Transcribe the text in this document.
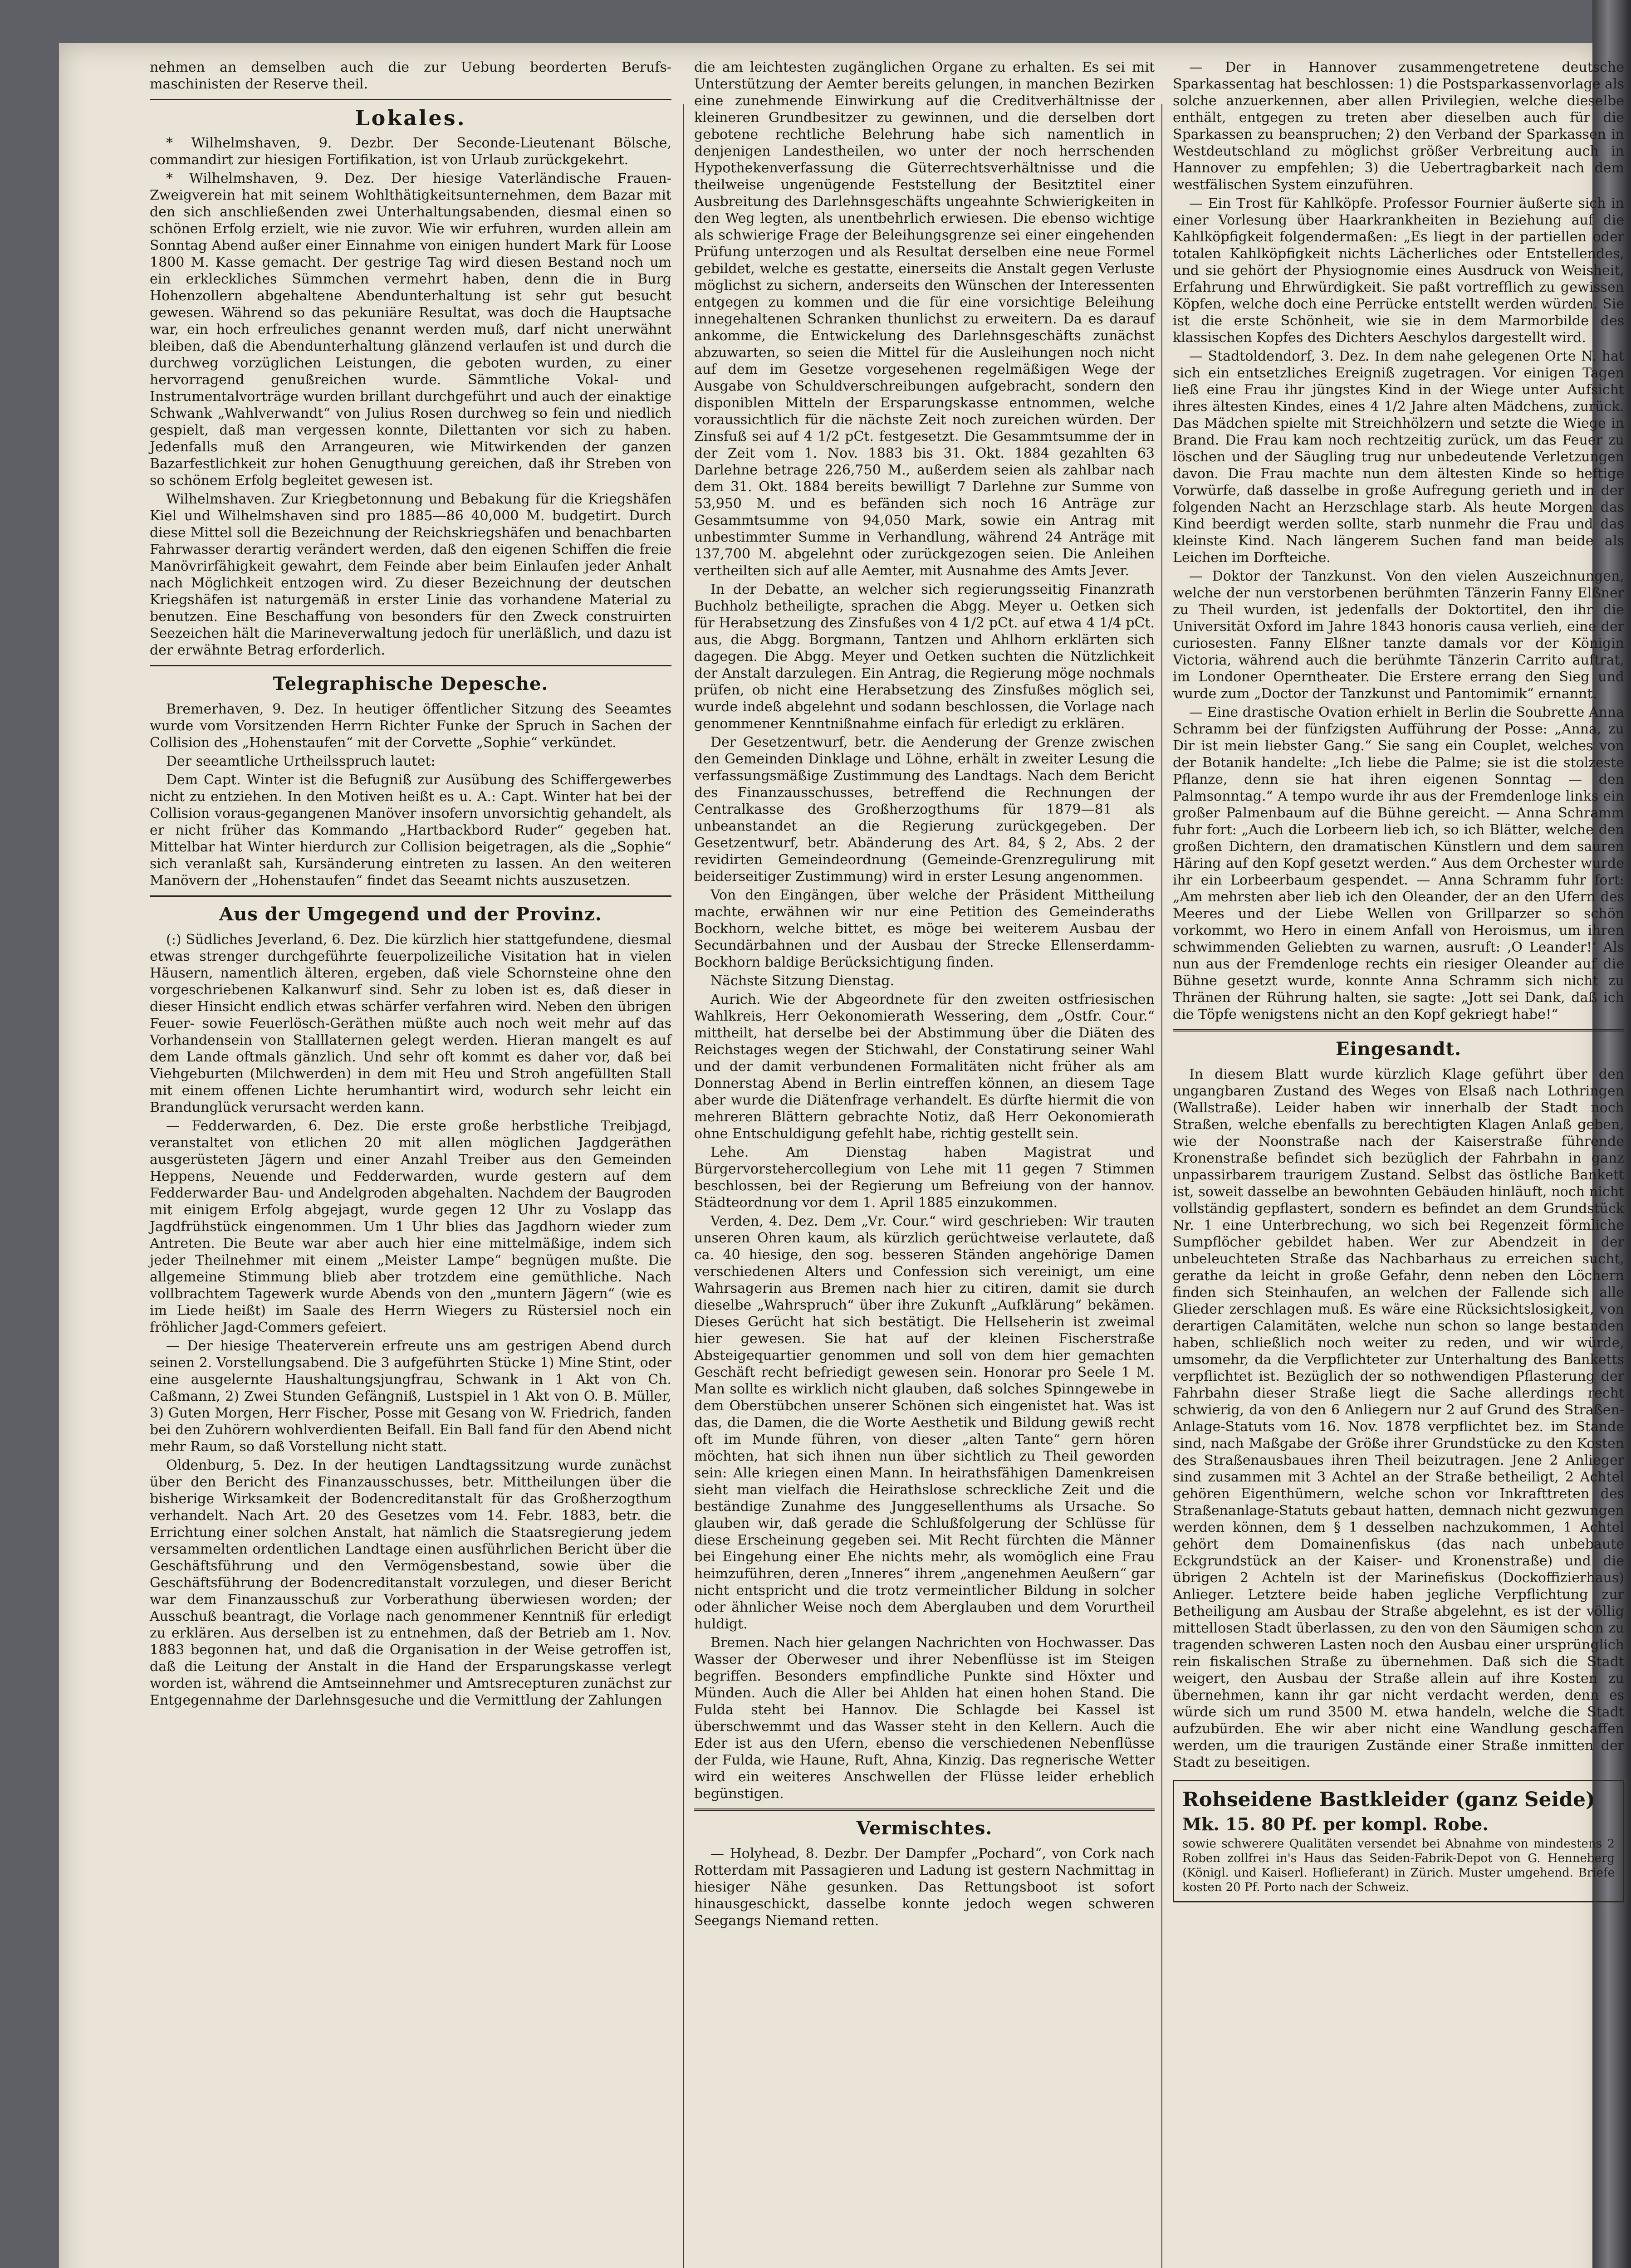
nehmen an demselben auch die zur Uebung beorderten Berufs-maschinisten der Reserve theil.

Lokales.

* Wilhelmshaven, 9. Dezbr. Der Seconde-Lieutenant Bölsche, commandirt zur hiesigen Fortifikation, ist von Urlaub zurückgekehrt.

* Wilhelmshaven, 9. Dez. Der hiesige Vaterländische Frauen-Zweigverein hat mit seinem Wohlthätigkeitsunternehmen, dem Bazar mit den sich anschließenden zwei Unterhaltungsabenden, diesmal einen so schönen Erfolg erzielt, wie nie zuvor. Wie wir erfuhren, wurden allein am Sonntag Abend außer einer Einnahme von einigen hundert Mark für Loose 1800 M. Kasse gemacht. Der gestrige Tag wird diesen Bestand noch um ein erkleckliches Sümmchen vermehrt haben, denn die in Burg Hohenzollern abgehaltene Abendunterhaltung ist sehr gut besucht gewesen. Während so das pekuniäre Resultat, was doch die Hauptsache war, ein hoch erfreuliches genannt werden muß, darf nicht unerwähnt bleiben, daß die Abendunterhaltung glänzend verlaufen ist und durch die durchweg vorzüglichen Leistungen, die geboten wurden, zu einer hervorragend genußreichen wurde. Sämmtliche Vokal- und Instrumentalvorträge wurden brillant durchgeführt und auch der einaktige Schwank „Wahlverwandt“ von Julius Rosen durchweg so fein und niedlich gespielt, daß man vergessen konnte, Dilettanten vor sich zu haben. Jedenfalls muß den Arrangeuren, wie Mitwirkenden der ganzen Bazarfestlichkeit zur hohen Genugthuung gereichen, daß ihr Streben von so schönem Erfolg begleitet gewesen ist.

Wilhelmshaven. Zur Kriegbetonnung und Bebakung für die Kriegshäfen Kiel und Wilhelmshaven sind pro 1885—86 40,000 M. budgetirt. Durch diese Mittel soll die Bezeichnung der Reichskriegshäfen und benachbarten Fahrwasser derartig verändert werden, daß den eigenen Schiffen die freie Manövrirfähigkeit gewahrt, dem Feinde aber beim Einlaufen jeder Anhalt nach Möglichkeit entzogen wird. Zu dieser Bezeichnung der deutschen Kriegshäfen ist naturgemäß in erster Linie das vorhandene Material zu benutzen. Eine Beschaffung von besonders für den Zweck construirten Seezeichen hält die Marineverwaltung jedoch für unerläßlich, und dazu ist der erwähnte Betrag erforderlich.

Telegraphische Depesche.

Bremerhaven, 9. Dez. In heutiger öffentlicher Sitzung des Seeamtes wurde vom Vorsitzenden Herrn Richter Funke der Spruch in Sachen der Collision des „Hohenstaufen“ mit der Corvette „Sophie“ verkündet.

Der seeamtliche Urtheilsspruch lautet:

Dem Capt. Winter ist die Befugniß zur Ausübung des Schiffergewerbes nicht zu entziehen. In den Motiven heißt es u. A.: Capt. Winter hat bei der Collision voraus-gegangenen Manöver insofern unvorsichtig gehandelt, als er nicht früher das Kommando „Hartbackbord Ruder“ gegeben hat. Mittelbar hat Winter hierdurch zur Collision beigetragen, als die „Sophie“ sich veranlaßt sah, Kursänderung eintreten zu lassen. An den weiteren Manövern der „Hohenstaufen“ findet das Seeamt nichts auszusetzen.

Aus der Umgegend und der Provinz.

(:) Südliches Jeverland, 6. Dez. Die kürzlich hier stattgefundene, diesmal etwas strenger durchgeführte feuerpolizeiliche Visitation hat in vielen Häusern, namentlich älteren, ergeben, daß viele Schornsteine ohne den vorgeschriebenen Kalkanwurf sind. Sehr zu loben ist es, daß dieser in dieser Hinsicht endlich etwas schärfer verfahren wird. Neben den übrigen Feuer- sowie Feuerlösch-Geräthen müßte auch noch weit mehr auf das Vorhandensein von Stalllaternen gelegt werden. Hieran mangelt es auf dem Lande oftmals gänzlich. Und sehr oft kommt es daher vor, daß bei Viehgeburten (Milchwerden) in dem mit Heu und Stroh angefüllten Stall mit einem offenen Lichte herumhantirt wird, wodurch sehr leicht ein Brandunglück verursacht werden kann.

— Fedderwarden, 6. Dez. Die erste große herbstliche Treibjagd, veranstaltet von etlichen 20 mit allen möglichen Jagdgeräthen ausgerüsteten Jägern und einer Anzahl Treiber aus den Gemeinden Heppens, Neuende und Fedderwarden, wurde gestern auf dem Fedderwarder Bau- und Andelgroden abgehalten. Nachdem der Baugroden mit einigem Erfolg abgejagt, wurde gegen 12 Uhr zu Voslapp das Jagdfrühstück eingenommen. Um 1 Uhr blies das Jagdhorn wieder zum Antreten. Die Beute war aber auch hier eine mittelmäßige, indem sich jeder Theilnehmer mit einem „Meister Lampe“ begnügen mußte. Die allgemeine Stimmung blieb aber trotzdem eine gemüthliche. Nach vollbrachtem Tagewerk wurde Abends von den „muntern Jägern“ (wie es im Liede heißt) im Saale des Herrn Wiegers zu Rüstersiel noch ein fröhlicher Jagd-Commers gefeiert.

— Der hiesige Theaterverein erfreute uns am gestrigen Abend durch seinen 2. Vorstellungsabend. Die 3 aufgeführten Stücke 1) Mine Stint, oder eine ausgelernte Haushaltungsjungfrau, Schwank in 1 Akt von Ch. Caßmann, 2) Zwei Stunden Gefängniß, Lustspiel in 1 Akt von O. B. Müller, 3) Guten Morgen, Herr Fischer, Posse mit Gesang von W. Friedrich, fanden bei den Zuhörern wohlverdienten Beifall. Ein Ball fand für den Abend nicht mehr Raum, so daß Vorstellung nicht statt.

Oldenburg, 5. Dez. In der heutigen Landtagssitzung wurde zunächst über den Bericht des Finanzausschusses, betr. Mittheilungen über die bisherige Wirksamkeit der Bodencreditanstalt für das Großherzogthum verhandelt. Nach Art. 20 des Gesetzes vom 14. Febr. 1883, betr. die Errichtung einer solchen Anstalt, hat nämlich die Staatsregierung jedem versammelten ordentlichen Landtage einen ausführlichen Bericht über die Geschäftsführung und den Vermögensbestand, sowie über die Geschäftsführung der Bodencreditanstalt vorzulegen, und dieser Bericht war dem Finanzausschuß zur Vorberathung überwiesen worden; der Ausschuß beantragt, die Vorlage nach genommener Kenntniß für erledigt zu erklären. Aus derselben ist zu entnehmen, daß der Betrieb am 1. Nov. 1883 begonnen hat, und daß die Organisation in der Weise getroffen ist, daß die Leitung der Anstalt in die Hand der Ersparungskasse verlegt worden ist, während die Amtseinnehmer und Amtsrecepturen zunächst zur Entgegennahme der Darlehnsgesuche und die Vermittlung der Zahlungen

die am leichtesten zugänglichen Organe zu erhalten. Es sei mit Unterstützung der Aemter bereits gelungen, in manchen Bezirken eine zunehmende Einwirkung auf die Creditverhältnisse der kleineren Grundbesitzer zu gewinnen, und die derselben dort gebotene rechtliche Belehrung habe sich namentlich in denjenigen Landestheilen, wo unter der noch herrschenden Hypothekenverfassung die Güterrechtsverhältnisse und die theilweise ungenügende Feststellung der Besitztitel einer Ausbreitung des Darlehnsgeschäfts ungeahnte Schwierigkeiten in den Weg legten, als unentbehrlich erwiesen. Die ebenso wichtige als schwierige Frage der Beleihungsgrenze sei einer eingehenden Prüfung unterzogen und als Resultat derselben eine neue Formel gebildet, welche es gestatte, einerseits die Anstalt gegen Verluste möglichst zu sichern, anderseits den Wünschen der Interessenten entgegen zu kommen und die für eine vorsichtige Beleihung innegehaltenen Schranken thunlichst zu erweitern. Da es darauf ankomme, die Entwickelung des Darlehnsgeschäfts zunächst abzuwarten, so seien die Mittel für die Ausleihungen noch nicht auf dem im Gesetze vorgesehenen regelmäßigen Wege der Ausgabe von Schuldverschreibungen aufgebracht, sondern den disponiblen Mitteln der Ersparungskasse entnommen, welche voraussichtlich für die nächste Zeit noch zureichen würden. Der Zinsfuß sei auf 4 1/2 pCt. festgesetzt. Die Gesammtsumme der in der Zeit vom 1. Nov. 1883 bis 31. Okt. 1884 gezahlten 63 Darlehne betrage 226,750 M., außerdem seien als zahlbar nach dem 31. Okt. 1884 bereits bewilligt 7 Darlehne zur Summe von 53,950 M. und es befänden sich noch 16 Anträge zur Gesammtsumme von 94,050 Mark, sowie ein Antrag mit unbestimmter Summe in Verhandlung, während 24 Anträge mit 137,700 M. abgelehnt oder zurückgezogen seien. Die Anleihen vertheilten sich auf alle Aemter, mit Ausnahme des Amts Jever.

In der Debatte, an welcher sich regierungsseitig Finanzrath Buchholz betheiligte, sprachen die Abgg. Meyer u. Oetken sich für Herabsetzung des Zinsfußes von 4 1/2 pCt. auf etwa 4 1/4 pCt. aus, die Abgg. Borgmann, Tantzen und Ahlhorn erklärten sich dagegen. Die Abgg. Meyer und Oetken suchten die Nützlichkeit der Anstalt darzulegen. Ein Antrag, die Regierung möge nochmals prüfen, ob nicht eine Herabsetzung des Zinsfußes möglich sei, wurde indeß abgelehnt und sodann beschlossen, die Vorlage nach genommener Kenntnißnahme einfach für erledigt zu erklären.

Der Gesetzentwurf, betr. die Aenderung der Grenze zwischen den Gemeinden Dinklage und Löhne, erhält in zweiter Lesung die verfassungsmäßige Zustimmung des Landtags. Nach dem Bericht des Finanzausschusses, betreffend die Rechnungen der Centralkasse des Großherzogthums für 1879—81 als unbeanstandet an die Regierung zurückgegeben. Der Gesetzentwurf, betr. Abänderung des Art. 84, § 2, Abs. 2 der revidirten Gemeindeordnung (Gemeinde-Grenzregulirung mit beiderseitiger Zustimmung) wird in erster Lesung angenommen.

Von den Eingängen, über welche der Präsident Mittheilung machte, erwähnen wir nur eine Petition des Gemeinderaths Bockhorn, welche bittet, es möge bei weiterem Ausbau der Secundärbahnen und der Ausbau der Strecke Ellenserdamm-Bockhorn baldige Berücksichtigung finden.

Nächste Sitzung Dienstag.

Aurich. Wie der Abgeordnete für den zweiten ostfriesischen Wahlkreis, Herr Oekonomierath Wessering, dem „Ostfr. Cour.“ mittheilt, hat derselbe bei der Abstimmung über die Diäten des Reichstages wegen der Stichwahl, der Constatirung seiner Wahl und der damit verbundenen Formalitäten nicht früher als am Donnerstag Abend in Berlin eintreffen können, an diesem Tage aber wurde die Diätenfrage verhandelt. Es dürfte hiermit die von mehreren Blättern gebrachte Notiz, daß Herr Oekonomierath ohne Entschuldigung gefehlt habe, richtig gestellt sein.

Lehe. Am Dienstag haben Magistrat und Bürgervorstehercollegium von Lehe mit 11 gegen 7 Stimmen beschlossen, bei der Regierung um Befreiung von der hannov. Städteordnung vor dem 1. April 1885 einzukommen.

Verden, 4. Dez. Dem „Vr. Cour.“ wird geschrieben: Wir trauten unseren Ohren kaum, als kürzlich gerüchtweise verlautete, daß ca. 40 hiesige, den sog. besseren Ständen angehörige Damen verschiedenen Alters und Confession sich vereinigt, um eine Wahrsagerin aus Bremen nach hier zu citiren, damit sie durch dieselbe „Wahrspruch“ über ihre Zukunft „Aufklärung“ bekämen. Dieses Gerücht hat sich bestätigt. Die Hellseherin ist zweimal hier gewesen. Sie hat auf der kleinen Fischerstraße Absteigequartier genommen und soll von dem hier gemachten Geschäft recht befriedigt gewesen sein. Honorar pro Seele 1 M. Man sollte es wirklich nicht glauben, daß solches Spinngewebe in dem Oberstübchen unserer Schönen sich eingenistet hat. Was ist das, die Damen, die die Worte Aesthetik und Bildung gewiß recht oft im Munde führen, von dieser „alten Tante“ gern hören möchten, hat sich ihnen nun über sichtlich zu Theil geworden sein: Alle kriegen einen Mann. In heirathsfähigen Damenkreisen sieht man vielfach die Heirathslose schreckliche Zeit und die beständige Zunahme des Junggesellenthums als Ursache. So glauben wir, daß gerade die Schlußfolgerung der Schlüsse für diese Erscheinung gegeben sei. Mit Recht fürchten die Männer bei Eingehung einer Ehe nichts mehr, als womöglich eine Frau heimzuführen, deren „Inneres“ ihrem „angenehmen Aeußern“ gar nicht entspricht und die trotz vermeintlicher Bildung in solcher oder ähnlicher Weise noch dem Aberglauben und dem Vorurtheil huldigt.

Bremen. Nach hier gelangen Nachrichten von Hochwasser. Das Wasser der Oberweser und ihrer Nebenflüsse ist im Steigen begriffen. Besonders empfindliche Punkte sind Höxter und Münden. Auch die Aller bei Ahlden hat einen hohen Stand. Die Fulda steht bei Hannov. Die Schlagde bei Kassel ist überschwemmt und das Wasser steht in den Kellern. Auch die Eder ist aus den Ufern, ebenso die verschiedenen Nebenflüsse der Fulda, wie Haune, Ruft, Ahna, Kinzig. Das regnerische Wetter wird ein weiteres Anschwellen der Flüsse leider erheblich begünstigen.

Vermischtes.

— Holyhead, 8. Dezbr. Der Dampfer „Pochard“, von Cork nach Rotterdam mit Passagieren und Ladung ist gestern Nachmittag in hiesiger Nähe gesunken. Das Rettungsboot ist sofort hinausgeschickt, dasselbe konnte jedoch wegen schweren Seegangs Niemand retten.

— Der in Hannover zusammengetretene deutsche Sparkassentag hat beschlossen: 1) die Postsparkassenvorlage als solche anzuerkennen, aber allen Privilegien, welche dieselbe enthält, entgegen zu treten aber dieselben auch für die Sparkassen zu beanspruchen; 2) den Verband der Sparkassen in Westdeutschland zu möglichst größer Verbreitung auch in Hannover zu empfehlen; 3) die Uebertragbarkeit nach dem westfälischen System einzuführen.

— Ein Trost für Kahlköpfe. Professor Fournier äußerte sich in einer Vorlesung über Haarkrankheiten in Beziehung auf die Kahlköpfigkeit folgendermaßen: „Es liegt in der partiellen oder totalen Kahlköpfigkeit nichts Lächerliches oder Entstellendes, und sie gehört der Physiognomie eines Ausdruck von Weisheit, Erfahrung und Ehrwürdigkeit. Sie paßt vortrefflich zu gewissen Köpfen, welche doch eine Perrücke entstellt werden würden. Sie ist die erste Schönheit, wie sie in dem Marmorbilde des klassischen Kopfes des Dichters Aeschylos dargestellt wird.

— Stadtoldendorf, 3. Dez. In dem nahe gelegenen Orte N. hat sich ein entsetzliches Ereigniß zugetragen. Vor einigen Tagen ließ eine Frau ihr jüngstes Kind in der Wiege unter Aufsicht ihres ältesten Kindes, eines 4 1/2 Jahre alten Mädchens, zurück. Das Mädchen spielte mit Streichhölzern und setzte die Wiege in Brand. Die Frau kam noch rechtzeitig zurück, um das Feuer zu löschen und der Säugling trug nur unbedeutende Verletzungen davon. Die Frau machte nun dem ältesten Kinde so heftige Vorwürfe, daß dasselbe in große Aufregung gerieth und in der folgenden Nacht an Herzschlage starb. Als heute Morgen das Kind beerdigt werden sollte, starb nunmehr die Frau und das kleinste Kind. Nach längerem Suchen fand man beide als Leichen im Dorfteiche.

— Doktor der Tanzkunst. Von den vielen Auszeichnungen, welche der nun verstorbenen berühmten Tänzerin Fanny Elßner zu Theil wurden, ist jedenfalls der Doktortitel, den ihr die Universität Oxford im Jahre 1843 honoris causa verlieh, eine der curiosesten. Fanny Elßner tanzte damals vor der Königin Victoria, während auch die berühmte Tänzerin Carrito auftrat, im Londoner Operntheater. Die Erstere errang den Sieg und wurde zum „Doctor der Tanzkunst und Pantomimik“ ernannt.

— Eine drastische Ovation erhielt in Berlin die Soubrette Anna Schramm bei der fünfzigsten Aufführung der Posse: „Anna, zu Dir ist mein liebster Gang.“ Sie sang ein Couplet, welches von der Botanik handelte: „Ich liebe die Palme; sie ist die stolzeste Pflanze, denn sie hat ihren eigenen Sonntag — den Palmsonntag.“ A tempo wurde ihr aus der Fremdenloge links ein großer Palmenbaum auf die Bühne gereicht. — Anna Schramm fuhr fort: „Auch die Lorbeern lieb ich, so ich Blätter, welche den großen Dichtern, den dramatischen Künstlern und dem sauren Häring auf den Kopf gesetzt werden.“ Aus dem Orchester wurde ihr ein Lorbeerbaum gespendet. — Anna Schramm fuhr fort: „Am mehrsten aber lieb ich den Oleander, der an den Ufern des Meeres und der Liebe Wellen von Grillparzer so schön vorkommt, wo Hero in einem Anfall von Heroismus, um ihren schwimmenden Geliebten zu warnen, ausruft: ‚O Leander!‘ Als nun aus der Fremdenloge rechts ein riesiger Oleander auf die Bühne gesetzt wurde, konnte Anna Schramm sich nicht zu Thränen der Rührung halten, sie sagte: „Jott sei Dank, daß ich die Töpfe wenigstens nicht an den Kopf gekriegt habe!“

Eingesandt.

In diesem Blatt wurde kürzlich Klage geführt über den ungangbaren Zustand des Weges von Elsaß nach Lothringen (Wallstraße). Leider haben wir innerhalb der Stadt noch Straßen, welche ebenfalls zu berechtigten Klagen Anlaß geben, wie der Noonstraße nach der Kaiserstraße führende Kronenstraße befindet sich bezüglich der Fahrbahn in ganz unpassirbarem traurigem Zustand. Selbst das östliche Bankett ist, soweit dasselbe an bewohnten Gebäuden hinläuft, noch nicht vollständig gepflastert, sondern es befindet an dem Grundstück Nr. 1 eine Unterbrechung, wo sich bei Regenzeit förmliche Sumpflöcher gebildet haben. Wer zur Abendzeit in der unbeleuchteten Straße das Nachbarhaus zu erreichen sucht, gerathe da leicht in große Gefahr, denn neben den Löchern finden sich Steinhaufen, an welchen der Fallende sich alle Glieder zerschlagen muß. Es wäre eine Rücksichtslosigkeit, von derartigen Calamitäten, welche nun schon so lange bestanden haben, schließlich noch weiter zu reden, und wir würde, umsomehr, da die Verpflichteter zur Unterhaltung des Banketts verpflichtet ist. Bezüglich der so nothwendigen Pflasterung der Fahrbahn dieser Straße liegt die Sache allerdings recht schwierig, da von den 6 Anliegern nur 2 auf Grund des Straßen-Anlage-Statuts vom 16. Nov. 1878 verpflichtet bez. im Stande sind, nach Maßgabe der Größe ihrer Grundstücke zu den Kosten des Straßenausbaues ihren Theil beizutragen. Jene 2 Anlieger sind zusammen mit 3 Achtel an der Straße betheiligt, 2 Achtel gehören Eigenthümern, welche schon vor Inkrafttreten des Straßenanlage-Statuts gebaut hatten, demnach nicht gezwungen werden können, dem § 1 desselben nachzukommen, 1 Achtel gehört dem Domainenfiskus (das nach unbebaute Eckgrundstück an der Kaiser- und Kronenstraße) und die übrigen 2 Achteln ist der Marinefiskus (Dockoffizierhaus) Anlieger. Letztere beide haben jegliche Verpflichtung zur Betheiligung am Ausbau der Straße abgelehnt, es ist der völlig mittellosen Stadt überlassen, zu den von den Säumigen schon zu tragenden schweren Lasten noch den Ausbau einer ursprünglich rein fiskalischen Straße zu übernehmen. Daß sich die Stadt weigert, den Ausbau der Straße allein auf ihre Kosten zu übernehmen, kann ihr gar nicht verdacht werden, denn es würde sich um rund 3500 M. etwa handeln, welche die Stadt aufzubürden. Ehe wir aber nicht eine Wandlung geschaffen werden, um die traurigen Zustände einer Straße inmitten der Stadt zu beseitigen.

Rohseidene Bastkleider (ganz Seide)
Mk. 15. 80 Pf. per kompl. Robe.
sowie schwerere Qualitäten versendet bei Abnahme von mindestens 2 Roben zollfrei in's Haus das Seiden-Fabrik-Depot von G. Henneberg (Königl. und Kaiserl. Hoflieferant) in Zürich. Muster umgehend. Briefe kosten 20 Pf. Porto nach der Schweiz.
